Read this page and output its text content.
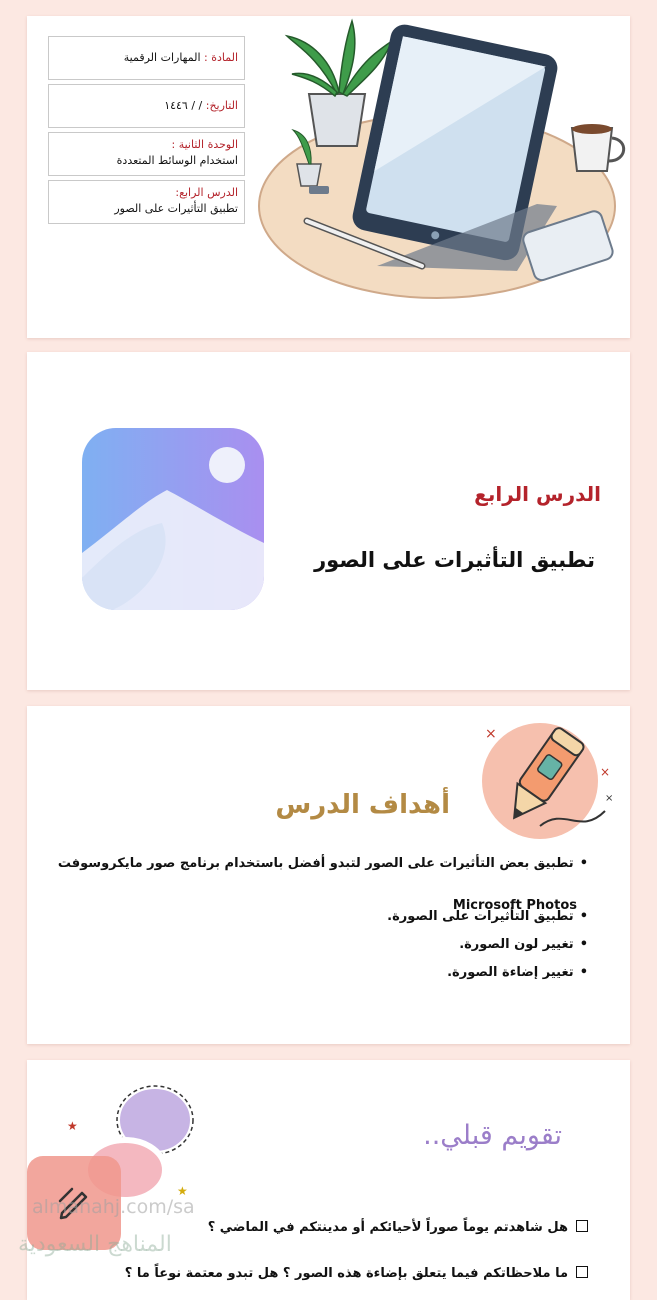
المادة : المهارات الرقمية
التاريخ: / / ١٤٤٦
الوحدة الثانية :
استخدام الوسائط المتعددة
الدرس الرابع:
تطبيق التأثيرات على الصور
الدرس الرابع
تطبيق التأثيرات على الصور
×
×
×
أهداف الدرس
•تطبيق بعض التأثيرات على الصور لتبدو أفضل باستخدام برنامج صور مايكروسوفت
•تطبيق التأثيرات على الصورة.
•تغيير لون الصورة.
•تغيير إضاءة الصورة.
Microsoft Photos
★
★
تقويم قبلي..
هل شاهدتم يوماً صوراً لأحيائكم أو مدينتكم في الماضي ؟
ما ملاحظاتكم فيما يتعلق بإضاءة هذه الصور ؟ هل تبدو معتمة نوعاً ما ؟
almanahj.com/sa
المناهج السعودية
